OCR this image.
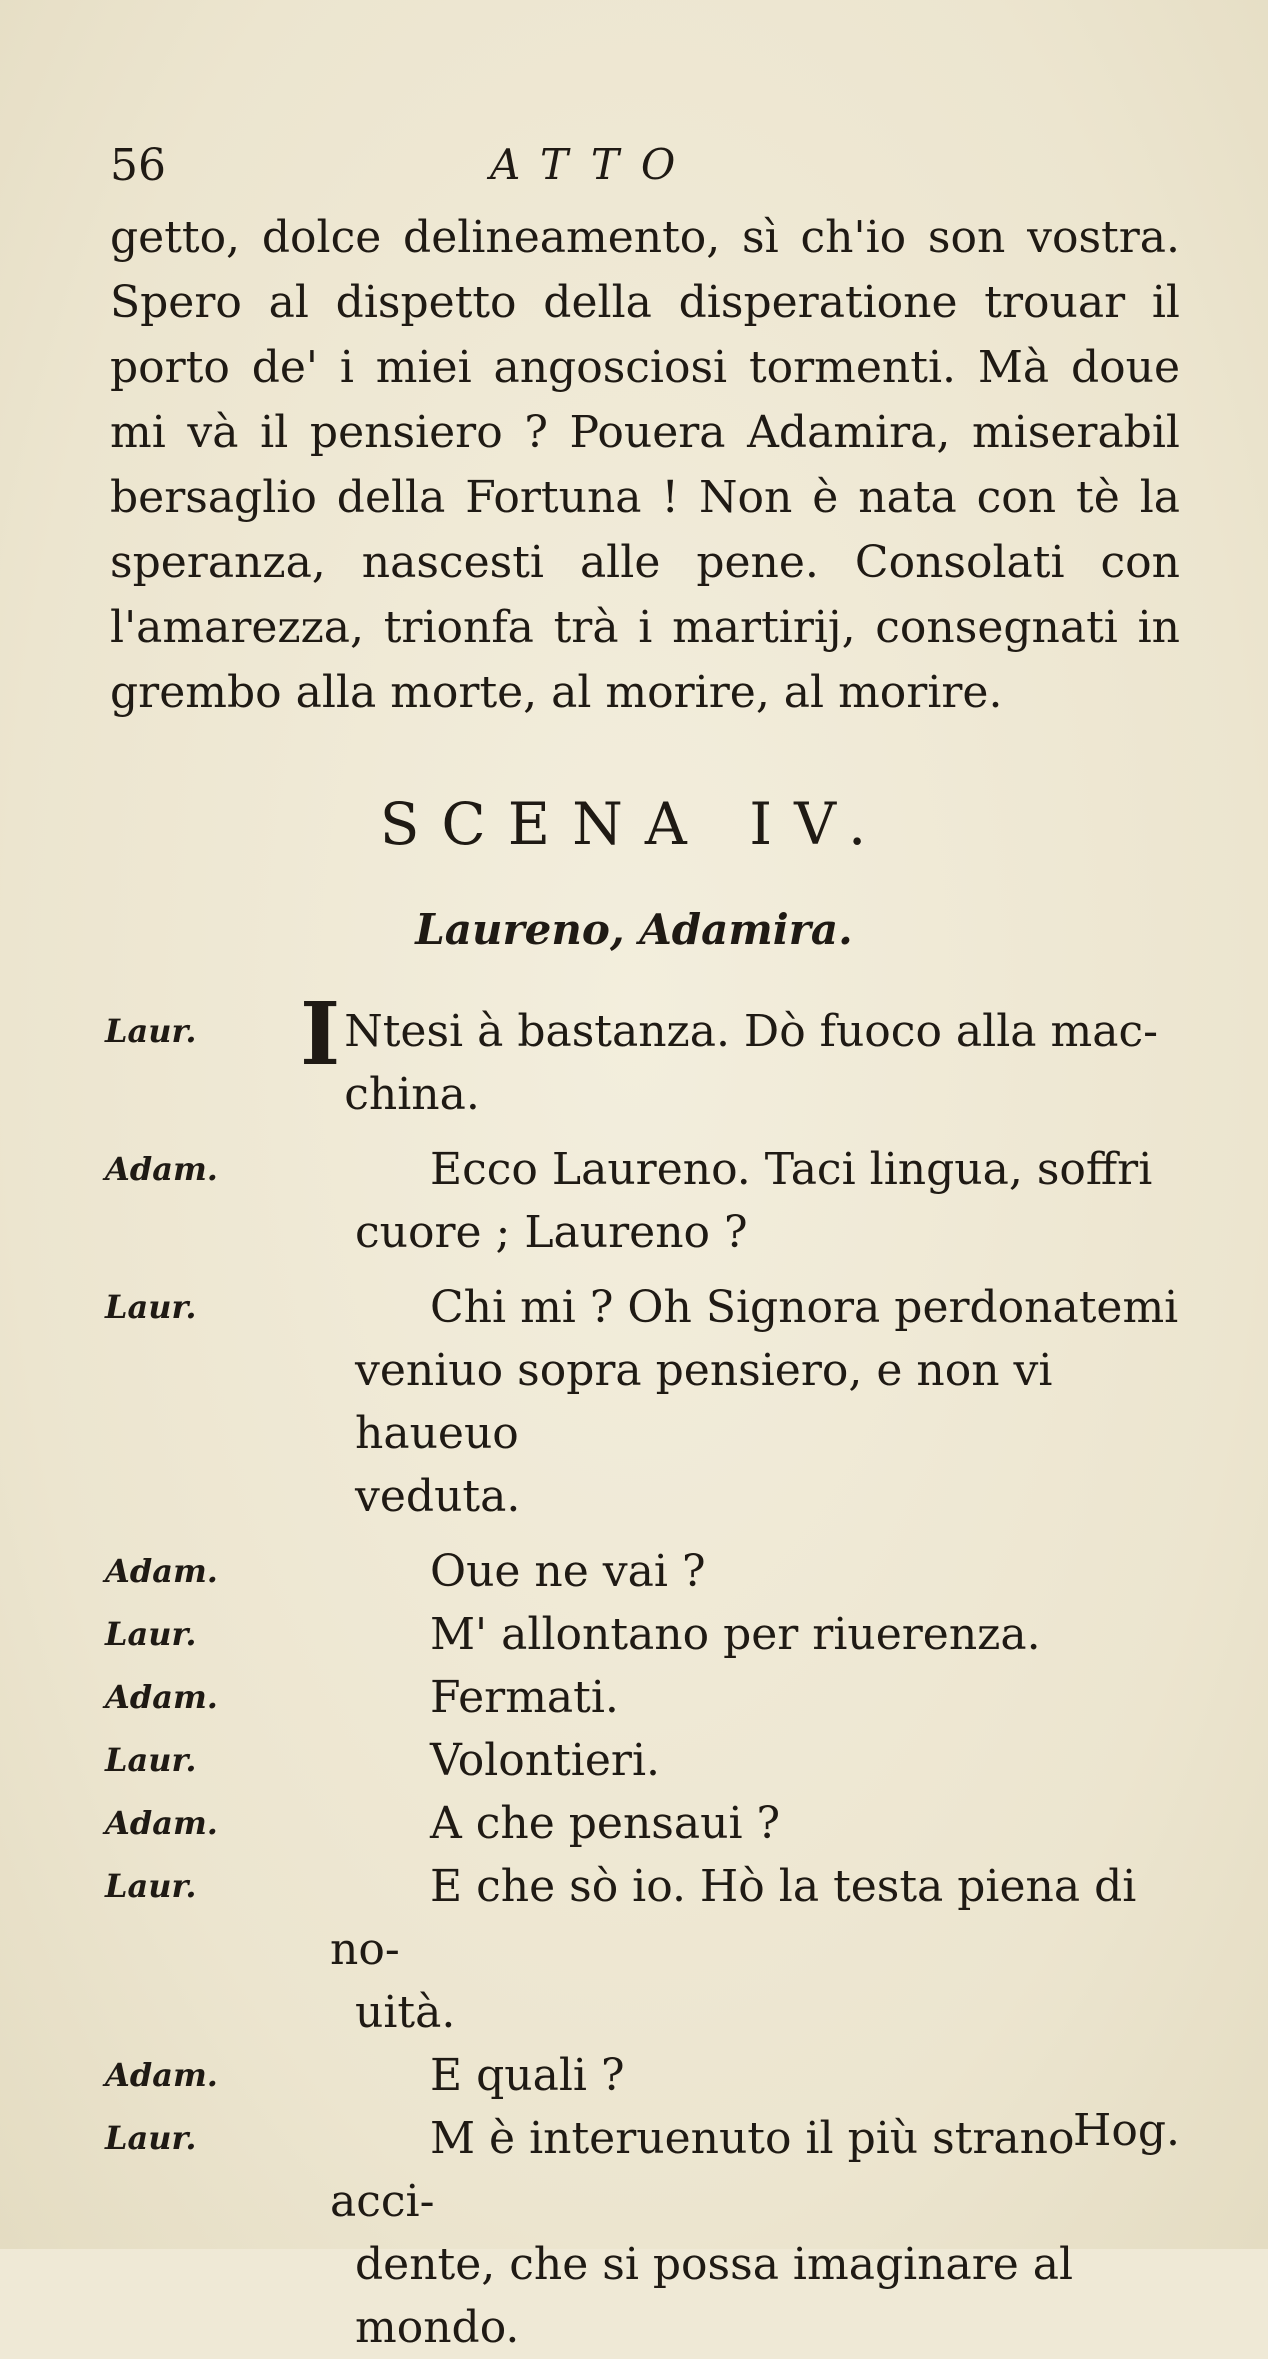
56	ATTO
getto, dolce delineamento, sì ch'io son vostra.
Spero al dispetto della disperatione trouar il
porto de' i miei angosciosi tormenti. Mà doue
mi và il pensiero ? Pouera Adamira, miserabil
bersaglio della Fortuna ! Non è nata con tè la
speranza, nascesti alle pene. Consolati con
l'amarezza, trionfa trà i martirij, consegnati in
grembo alla morte, al morire, al morire.
SCENA IV.
Laureno, Adamira.
Laur. I Ntesi à bastanza. Dò fuoco alla mac-
china.
Adam.	Ecco Laureno. Taci lingua, soffri
cuore ; Laureno ?
Laur.	Chi mi ? Oh Signora perdonatemi
veniuo sopra pensiero, e non vi haueuo
veduta.
Adam.	Oue ne vai ?
Laur.	M' allontano per riuerenza.
Adam.	Fermati.
Laur.	Volontieri.
Adam.	A che pensaui ?
Laur.	E che sò io. Hò la testa piena di no-
uità.
Adam.	E quali ?
Laur.	M è interuenuto il più strano acci-
dente, che si possa imaginare al mondo.
Hog.
